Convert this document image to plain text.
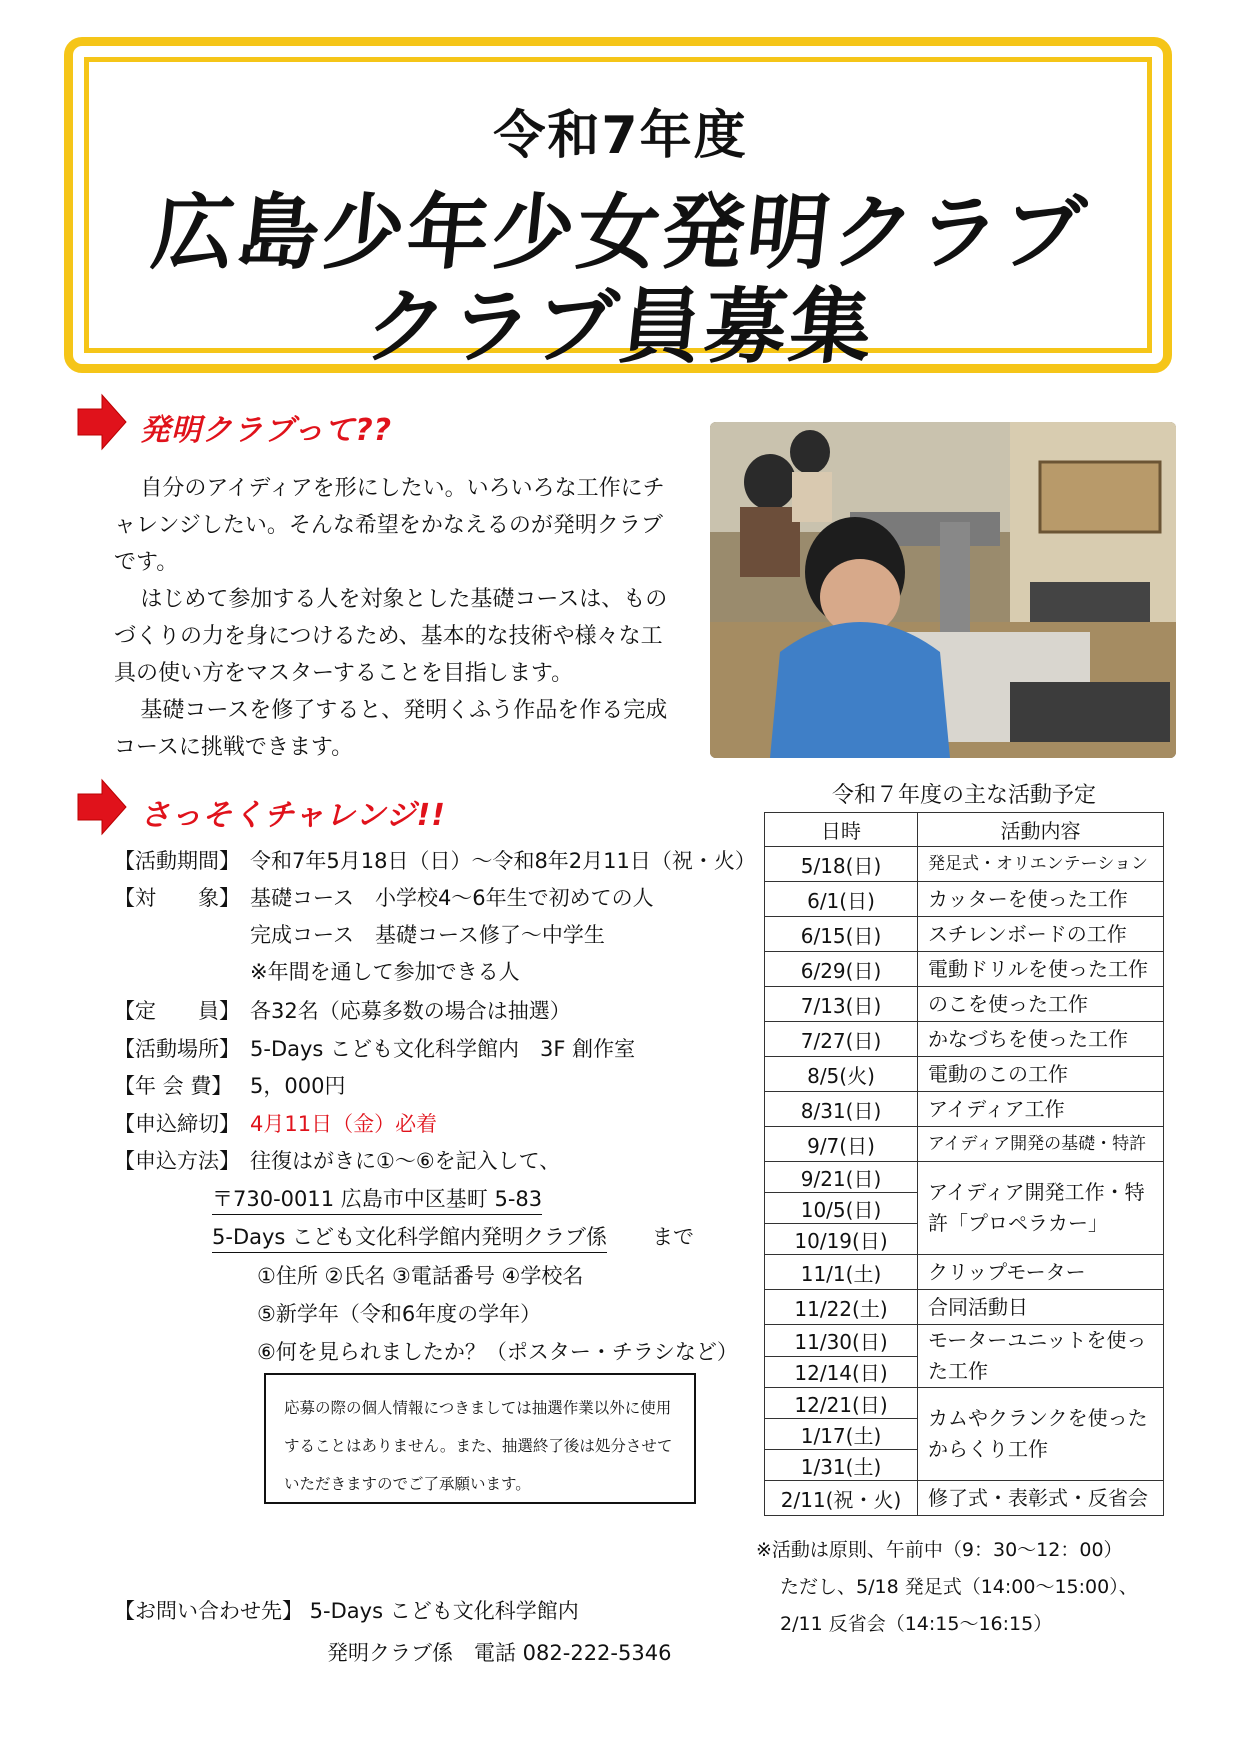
令和7年度
広島少年少女発明クラブ
クラブ員募集
発明クラブって??

自分のアイディアを形にしたい。いろいろな工作にチャレンジしたい。そんな希望をかなえるのが発明クラブです。

はじめて参加する人を対象とした基礎コースは、ものづくりの力を身につけるため、基本的な技術や様々な工具の使い方をマスターすることを目指します。

基礎コースを修了すると、発明くふう作品を作る完成コースに挑戦できます。

さっそくチャレンジ!!
【活動期間】 令和7年5月18日（日）～令和8年2月11日（祝・火）
【対　　象】 基礎コース　小学校4～6年生で初めての人
完成コース　基礎コース修了～中学生
※年間を通して参加できる人
【定　　員】 各32名（応募多数の場合は抽選）
【活動場所】 5-Days こども文化科学館内　3F 創作室
【年 会 費】 5，000円
【申込締切】 4月11日（金）必着
【申込方法】 往復はがきに①～⑥を記入して、
〒730-0011 広島市中区基町 5-83
5-Days こども文化科学館内発明クラブ係 まで
①住所 ②氏名 ③電話番号 ④学校名
⑤新学年（令和6年度の学年）
⑥何を見られましたか？（ポスター・チラシなど）
応募の際の個人情報につきましては抽選作業以外に使用することはありません。また、抽選終了後は処分させていただきますのでご了承願います。
【お問い合わせ先】 5-Days こども文化科学館内
発明クラブ係　電話 082-222-5346
令和７年度の主な活動予定
日時	活動内容
5/18(日)	発足式・オリエンテーション
6/1(日)	カッターを使った工作
6/15(日)	スチレンボードの工作
6/29(日)	電動ドリルを使った工作
7/13(日)	のこを使った工作
7/27(日)	かなづちを使った工作
8/5(火)	電動のこの工作
8/31(日)	アイディア工作
9/7(日)	アイディア開発の基礎・特許
9/21(日)	アイディア開発工作・特許「プロペラカー」
10/5(日)	
10/19(日)	
11/1(土)	クリップモーター
11/22(土)	合同活動日
11/30(日)	モーターユニットを使った工作
12/14(日)	
12/21(日)	カムやクランクを使ったからくり工作
1/17(土)	
1/31(土)	
2/11(祝・火)	修了式・表彰式・反省会
※活動は原則、午前中（9：30～12：00）
ただし、5/18 発足式（14:00～15:00）、
2/11 反省会（14:15～16:15）
